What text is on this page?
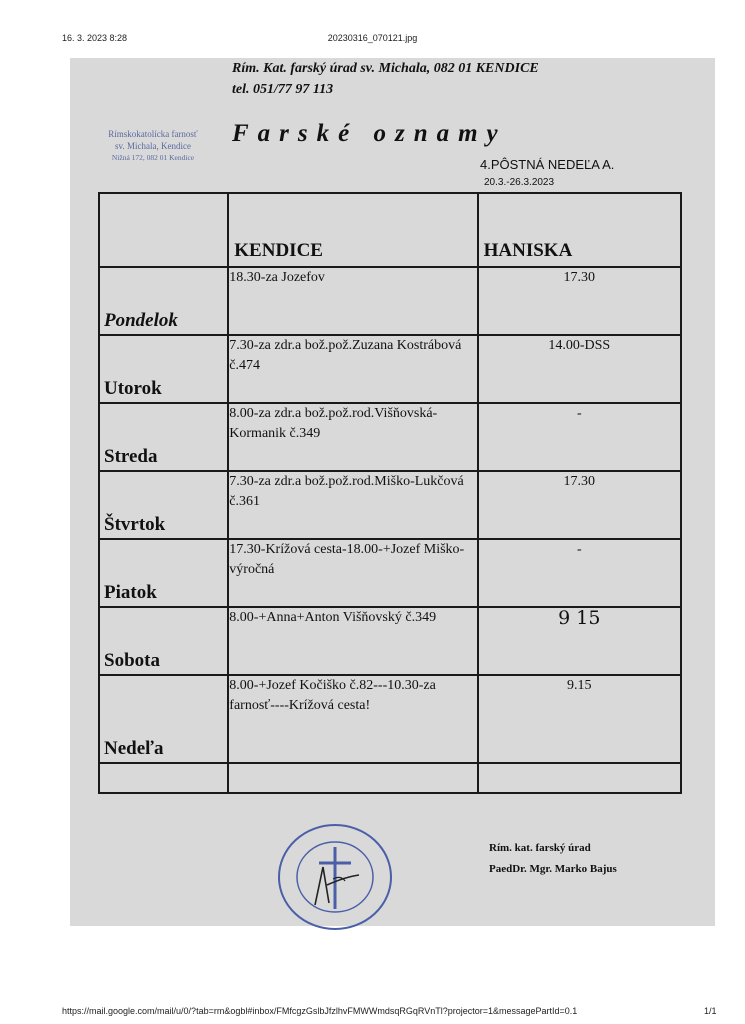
16. 3. 2023 8:28	20230316_070121.jpg
Rím. Kat. farský úrad sv. Michala, 082 01 KENDICE
tel. 051/77 97 113
Rímskokatolícka farnosť
sv. Michala, Kendice
Nižná 172, 082 01 Kendice
Farské oznamy
4.PÔSTNÁ NEDEĽA A.
20.3.-26.3.2023
	KENDICE	HANISKA

Pondelok	18.30-za Jozefov	17.30

Utorok	7.30-za zdr.a bož.pož.Zuzana Kostrábová č.474	14.00-DSS

Streda	8.00-za zdr.a bož.pož.rod.Višňovská-Kormanik č.349	-

Štvrtok	7.30-za zdr.a bož.pož.rod.Miško-Lukčová č.361	17.30

Piatok	17.30-Krížová cesta-18.00-+Jozef Miško-výročná	-

Sobota	8.00-+Anna+Anton Višňovský č.349	9 15

Nedeľa	8.00-+Jozef Kočiško č.82---10.30-za farnosť----Krížová cesta!	9.15

Rím. kat. farský úrad
PaedDr. Mgr. Marko Bajus
https://mail.google.com/mail/u/0/?tab=rm&ogbl#inbox/FMfcgzGslbJfzlhvFMWWmdsqRGqRVnTl?projector=1&messagePartId=0.1	1/1
